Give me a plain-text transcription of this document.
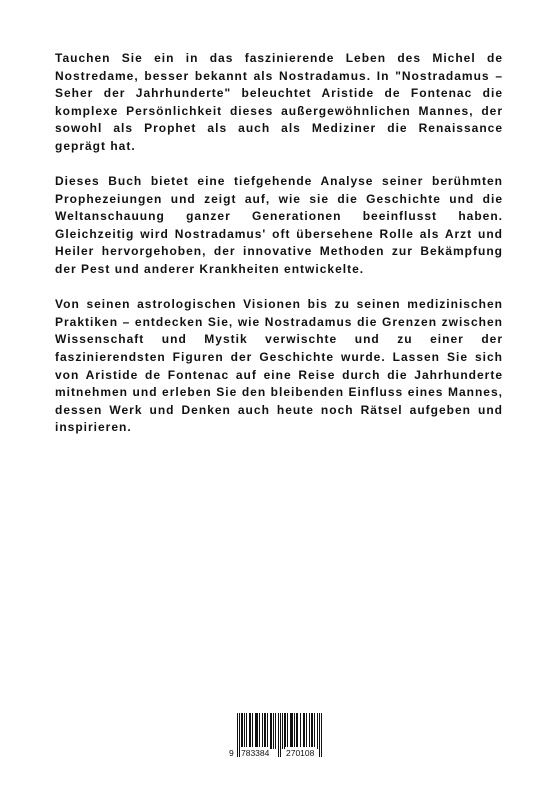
Tauchen Sie ein in das faszinierende Leben des Michel de Nostredame, besser bekannt als Nostradamus. In "Nostradamus – Seher der Jahrhunderte" beleuchtet Aristide de Fontenac die komplexe Persönlichkeit dieses außergewöhnlichen Mannes, der sowohl als Prophet als auch als Mediziner die Renaissance geprägt hat.

Dieses Buch bietet eine tiefgehende Analyse seiner berühmten Prophezeiungen und zeigt auf, wie sie die Geschichte und die Weltanschauung ganzer Generationen beeinflusst haben. Gleichzeitig wird Nostradamus' oft übersehene Rolle als Arzt und Heiler hervorgehoben, der innovative Methoden zur Bekämpfung der Pest und anderer Krankheiten entwickelte.

Von seinen astrologischen Visionen bis zu seinen medizinischen Praktiken – entdecken Sie, wie Nostradamus die Grenzen zwischen Wissenschaft und Mystik verwischte und zu einer der faszinierendsten Figuren der Geschichte wurde. Lassen Sie sich von Aristide de Fontenac auf eine Reise durch die Jahrhunderte mitnehmen und erleben Sie den bleibenden Einfluss eines Mannes, dessen Werk und Denken auch heute noch Rätsel aufgeben und inspirieren.

9 783384 270108
